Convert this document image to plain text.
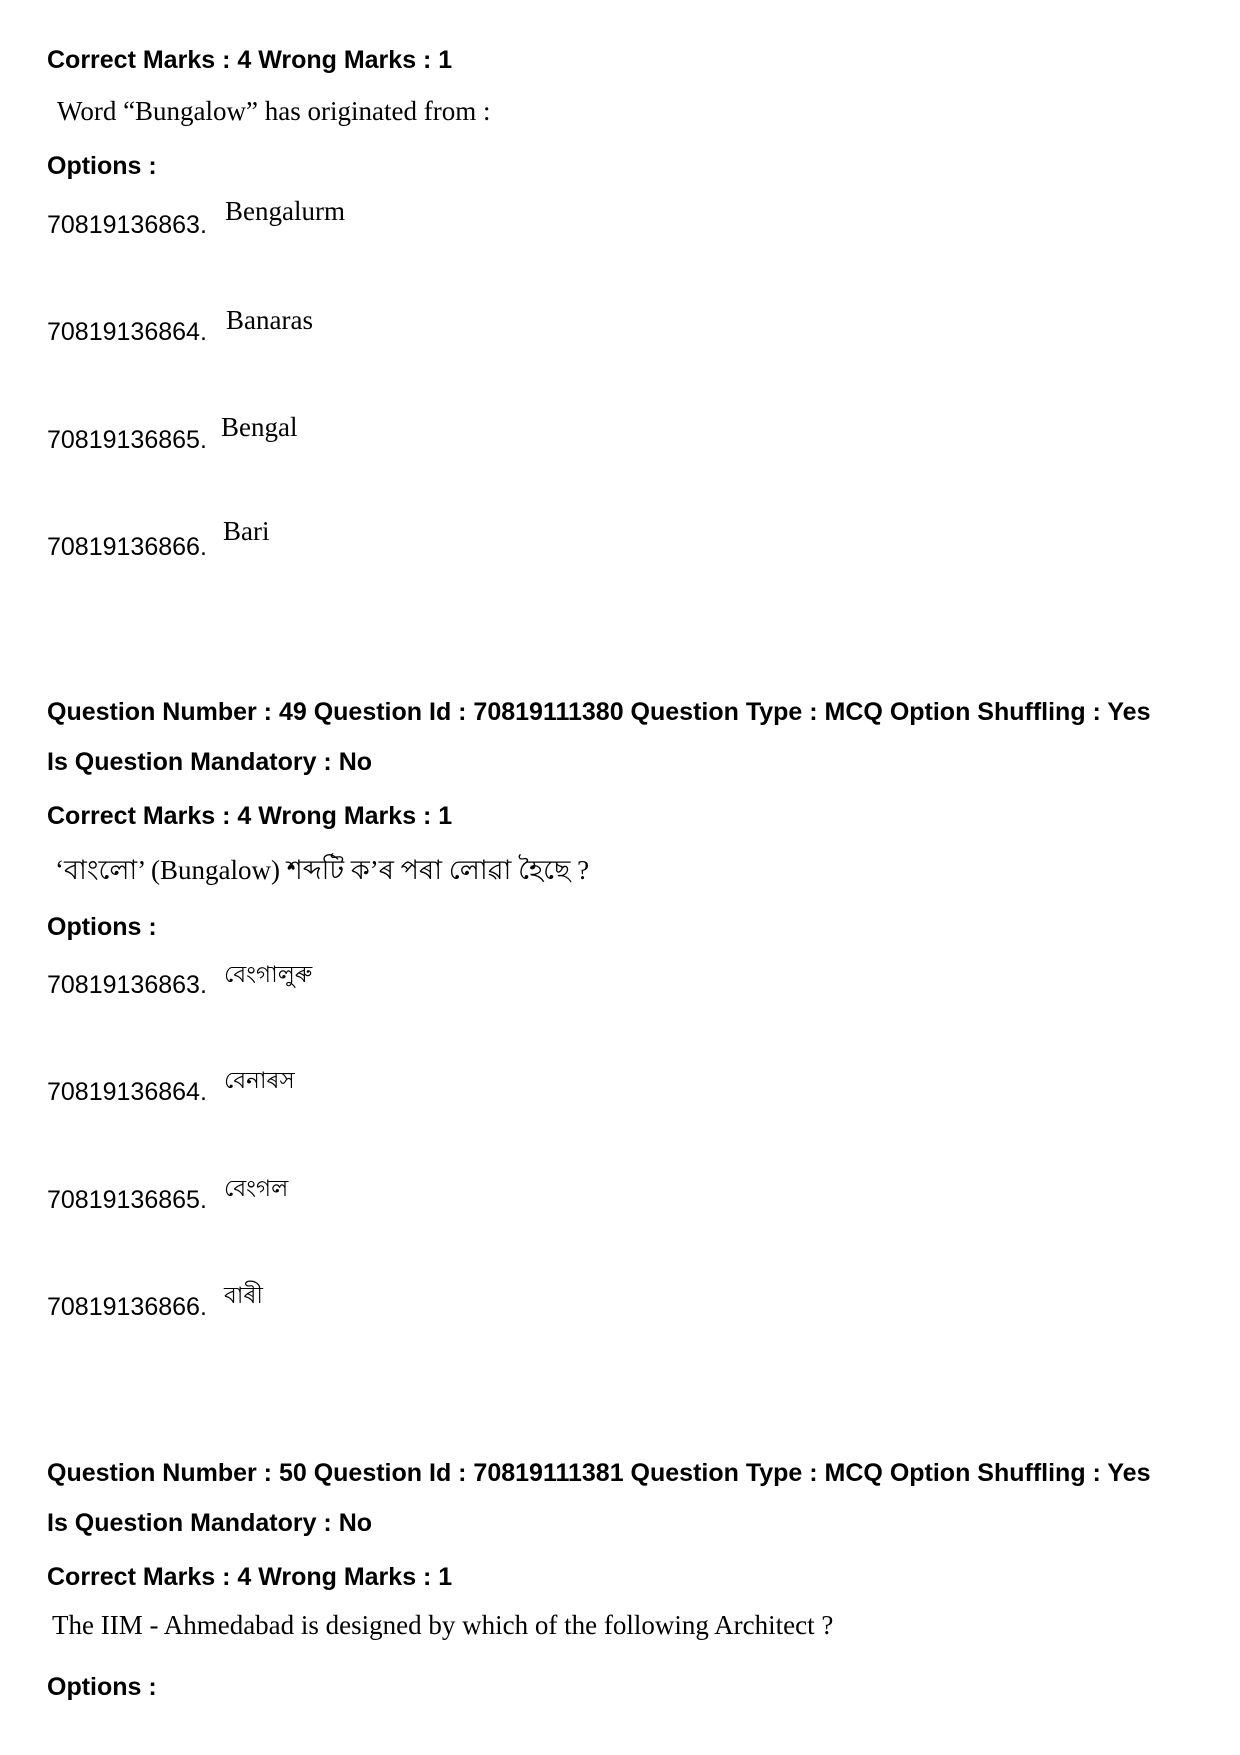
Correct Marks : 4 Wrong Marks : 1
Word “Bungalow” has originated from :
Options :
70819136863. Bengalurm
70819136864. Banaras
70819136865. Bengal
70819136866.
Bari
Question Number : 49 Question Id : 70819111380 Question Type : MCQ Option Shuffling : Yes
Is Question Mandatory : No
Correct Marks : 4 Wrong Marks : 1
‘বাংলো’ (Bungalow) শব্দটি ক’ৰ পৰা লোৱা হৈছে ?
Options :
70819136863. বেংগালুৰু
70819136864. বেনাৰস
70819136865. বেংগল
70819136866. বাৰী
Question Number : 50 Question Id : 70819111381 Question Type : MCQ Option Shuffling : Yes
Is Question Mandatory : No
Correct Marks : 4 Wrong Marks : 1
The IIM - Ahmedabad is designed by which of the following Architect ?
Options :
